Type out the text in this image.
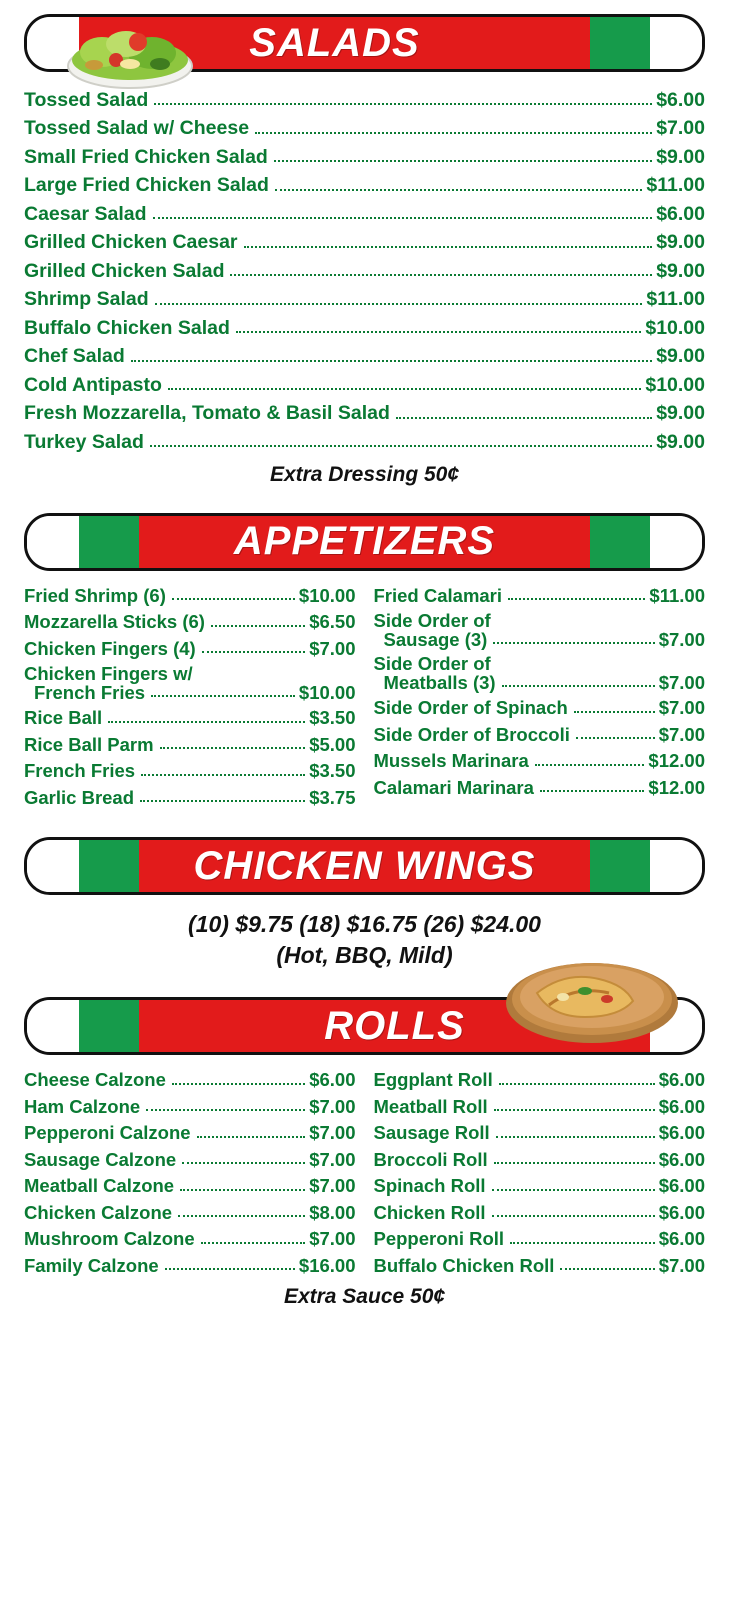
SALADS
Tossed Salad	$6.00
Tossed Salad w/ Cheese	$7.00
Small Fried Chicken Salad	$9.00
Large Fried Chicken Salad	$11.00
Caesar Salad	$6.00
Grilled Chicken Caesar	$9.00
Grilled Chicken Salad	$9.00
Shrimp Salad	$11.00
Buffalo Chicken Salad	$10.00
Chef Salad	$9.00
Cold Antipasto	$10.00
Fresh Mozzarella, Tomato & Basil Salad	$9.00
Turkey Salad	$9.00
Extra Dressing 50¢
APPETIZERS
Fried Shrimp (6)	$10.00
Mozzarella Sticks (6)	$6.50
Chicken Fingers (4)	$7.00
Chicken Fingers w/
French Fries	$10.00
Rice Ball	$3.50
Rice Ball Parm	$5.00
French Fries	$3.50
Garlic Bread	$3.75
Fried Calamari	$11.00
Side Order of
Sausage (3)	$7.00
Side Order of
Meatballs (3)	$7.00
Side Order of Spinach	$7.00
Side Order of Broccoli	$7.00
Mussels Marinara	$12.00
Calamari Marinara	$12.00
CHICKEN WINGS
(10) $9.75 (18) $16.75 (26) $24.00
(Hot, BBQ, Mild)
ROLLS
Cheese Calzone	$6.00
Ham Calzone	$7.00
Pepperoni Calzone	$7.00
Sausage Calzone	$7.00
Meatball Calzone	$7.00
Chicken Calzone	$8.00
Mushroom Calzone	$7.00
Family Calzone	$16.00
Eggplant Roll	$6.00
Meatball Roll	$6.00
Sausage Roll	$6.00
Broccoli Roll	$6.00
Spinach Roll	$6.00
Chicken Roll	$6.00
Pepperoni Roll	$6.00
Buffalo Chicken Roll	$7.00
Extra Sauce 50¢
